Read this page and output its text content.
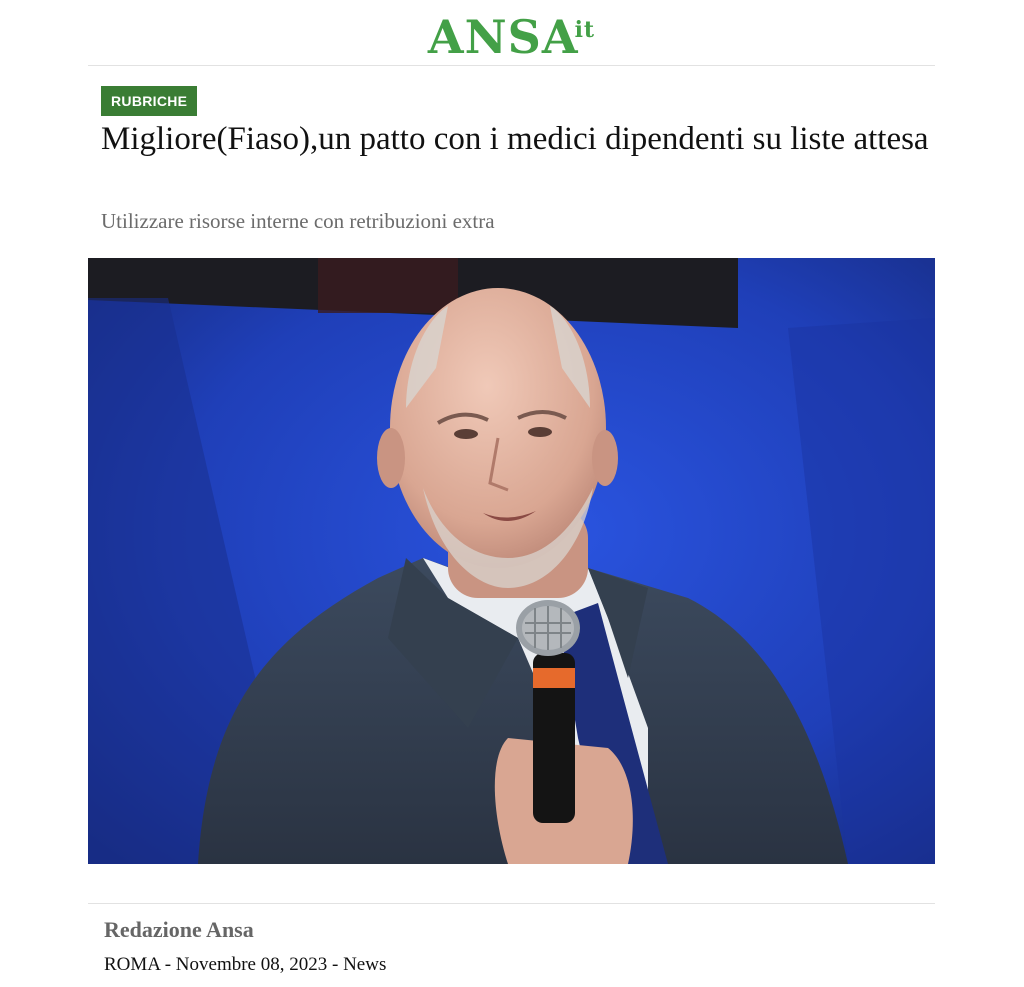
$ANSA^{it}$
RUBRICHE
Migliore(Fiaso),un patto con i medici dipendenti su liste attesa

Utilizzare risorse interne con retribuzioni extra

Redazione Ansa
ROMA - Novembre 08, 2023 - News
